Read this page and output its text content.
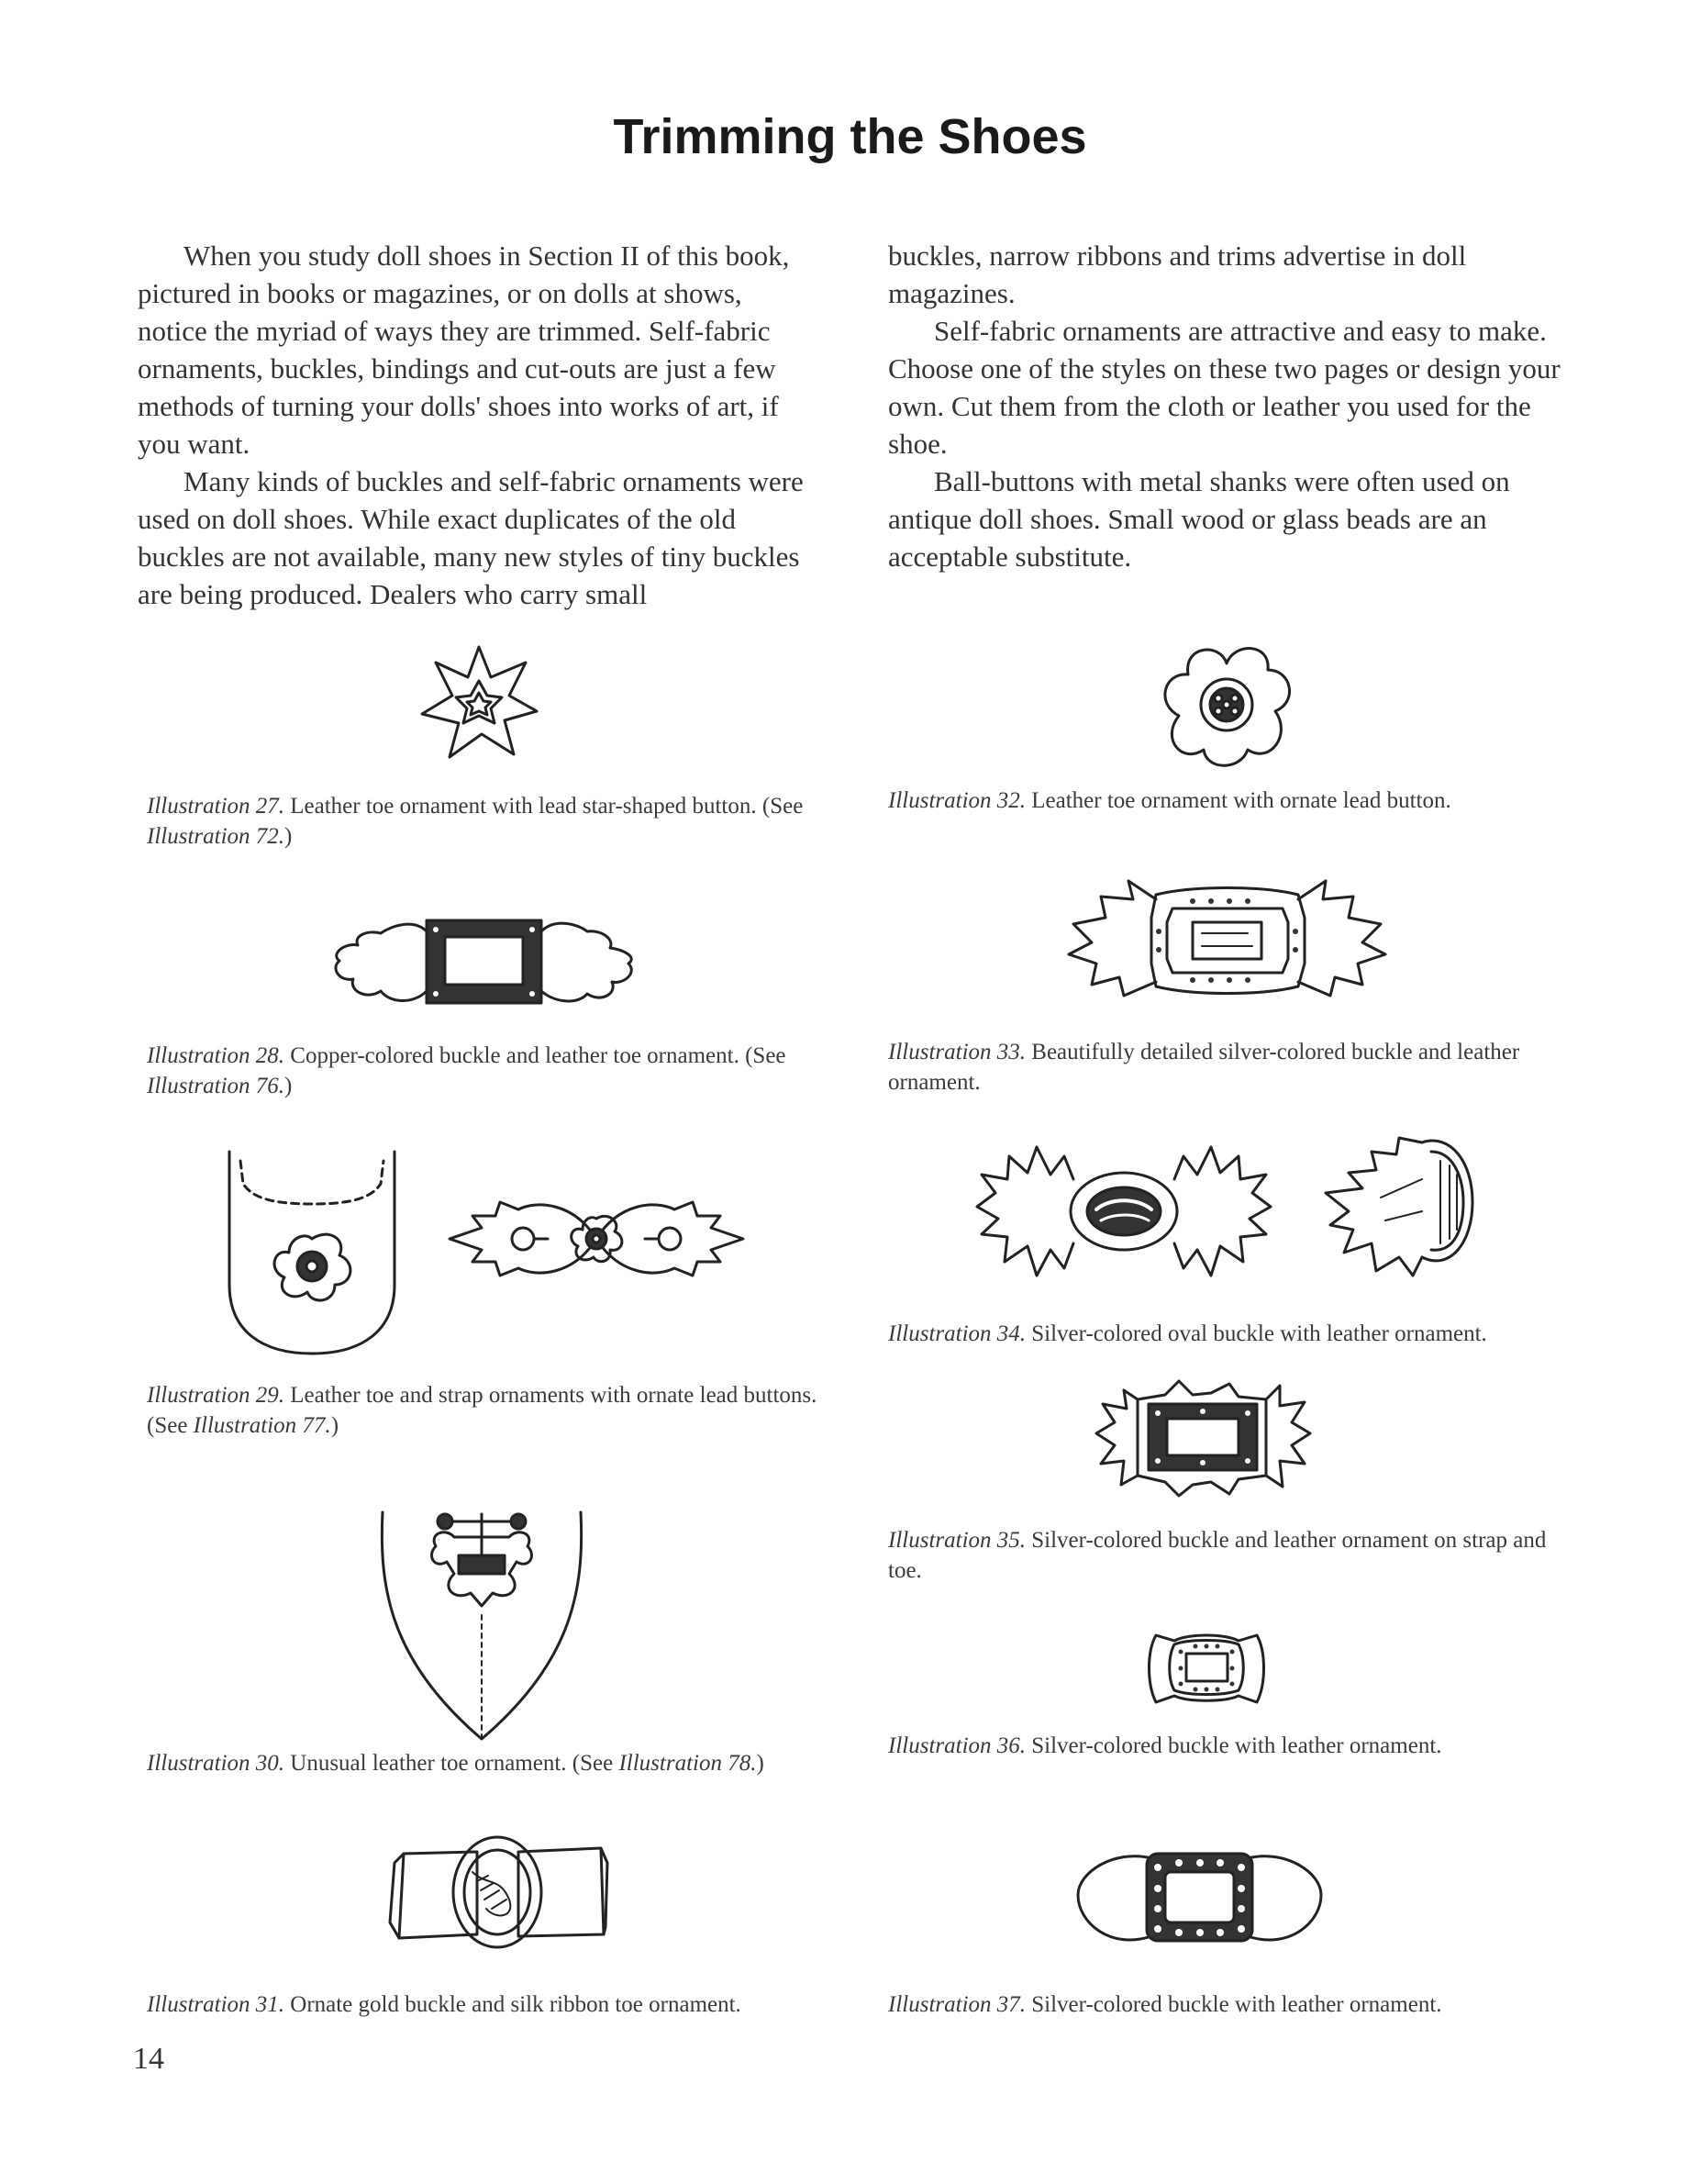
Trimming the Shoes

When you study doll shoes in Section II of this book, pictured in books or magazines, or on dolls at shows, notice the myriad of ways they are trimmed. Self-fabric ornaments, buckles, bindings and cut-outs are just a few methods of turning your dolls' shoes into works of art, if you want.

Many kinds of buckles and self-fabric ornaments were used on doll shoes. While exact duplicates of the old buckles are not available, many new styles of tiny buckles are being produced. Dealers who carry small

buckles, narrow ribbons and trims advertise in doll magazines.

Self-fabric ornaments are attractive and easy to make. Choose one of the styles on these two pages or design your own. Cut them from the cloth or leather you used for the shoe.

Ball-buttons with metal shanks were often used on antique doll shoes. Small wood or glass beads are an acceptable substitute.

Illustration 27. Leather toe ornament with lead star-shaped button. (See Illustration 72.)

Illustration 28. Copper-colored buckle and leather toe ornament. (See Illustration 76.)

Illustration 29. Leather toe and strap ornaments with ornate lead buttons. (See Illustration 77.)

Illustration 30. Unusual leather toe ornament. (See Illustration 78.)

Illustration 31. Ornate gold buckle and silk ribbon toe ornament.

Illustration 32. Leather toe ornament with ornate lead button.

Illustration 33. Beautifully detailed silver-colored buckle and leather ornament.

Illustration 34. Silver-colored oval buckle with leather ornament.

Illustration 35. Silver-colored buckle and leather ornament on strap and toe.

Illustration 36. Silver-colored buckle with leather ornament.

Illustration 37. Silver-colored buckle with leather ornament.

14
